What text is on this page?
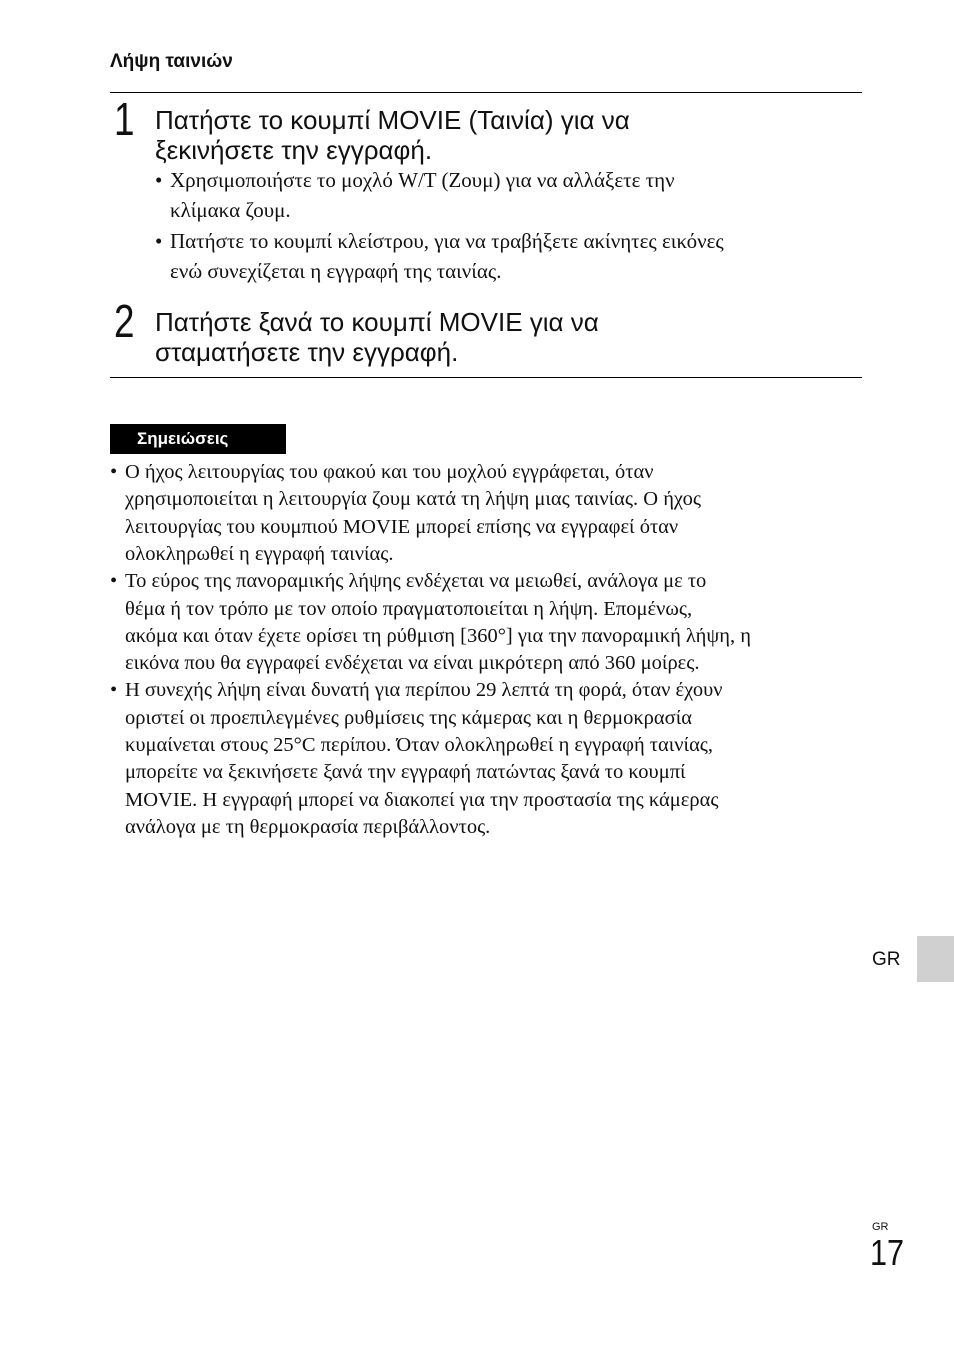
Λήψη ταινιών
1 Πατήστε το κουμπί MOVIE (Ταινία) για να
ξεκινήσετε την εγγραφή.
• Χρησιμοποιήστε το μοχλό W/T (Ζουμ) για να αλλάξετε την
κλίμακα ζουμ.
• Πατήστε το κουμπί κλείστρου, για να τραβήξετε ακίνητες εικόνες
ενώ συνεχίζεται η εγγραφή της ταινίας.
2 Πατήστε ξανά το κουμπί MOVIE για να
σταματήσετε την εγγραφή.
Σημειώσεις
• Ο ήχος λειτουργίας του φακού και του μοχλού εγγράφεται, όταν
χρησιμοποιείται η λειτουργία ζουμ κατά τη λήψη μιας ταινίας. Ο ήχος
λειτουργίας του κουμπιού MOVIE μπορεί επίσης να εγγραφεί όταν
ολοκληρωθεί η εγγραφή ταινίας.
• Το εύρος της πανοραμικής λήψης ενδέχεται να μειωθεί, ανάλογα με το
θέμα ή τον τρόπο με τον οποίο πραγματοποιείται η λήψη. Επομένως,
ακόμα και όταν έχετε ορίσει τη ρύθμιση [360°] για την πανοραμική λήψη, η
εικόνα που θα εγγραφεί ενδέχεται να είναι μικρότερη από 360 μοίρες.
• Η συνεχής λήψη είναι δυνατή για περίπου 29 λεπτά τη φορά, όταν έχουν
οριστεί οι προεπιλεγμένες ρυθμίσεις της κάμερας και η θερμοκρασία
κυμαίνεται στους 25°C περίπου. Όταν ολοκληρωθεί η εγγραφή ταινίας,
μπορείτε να ξεκινήσετε ξανά την εγγραφή πατώντας ξανά το κουμπί
MOVIE. Η εγγραφή μπορεί να διακοπεί για την προστασία της κάμερας
ανάλογα με τη θερμοκρασία περιβάλλοντος.
GR
GR
17
